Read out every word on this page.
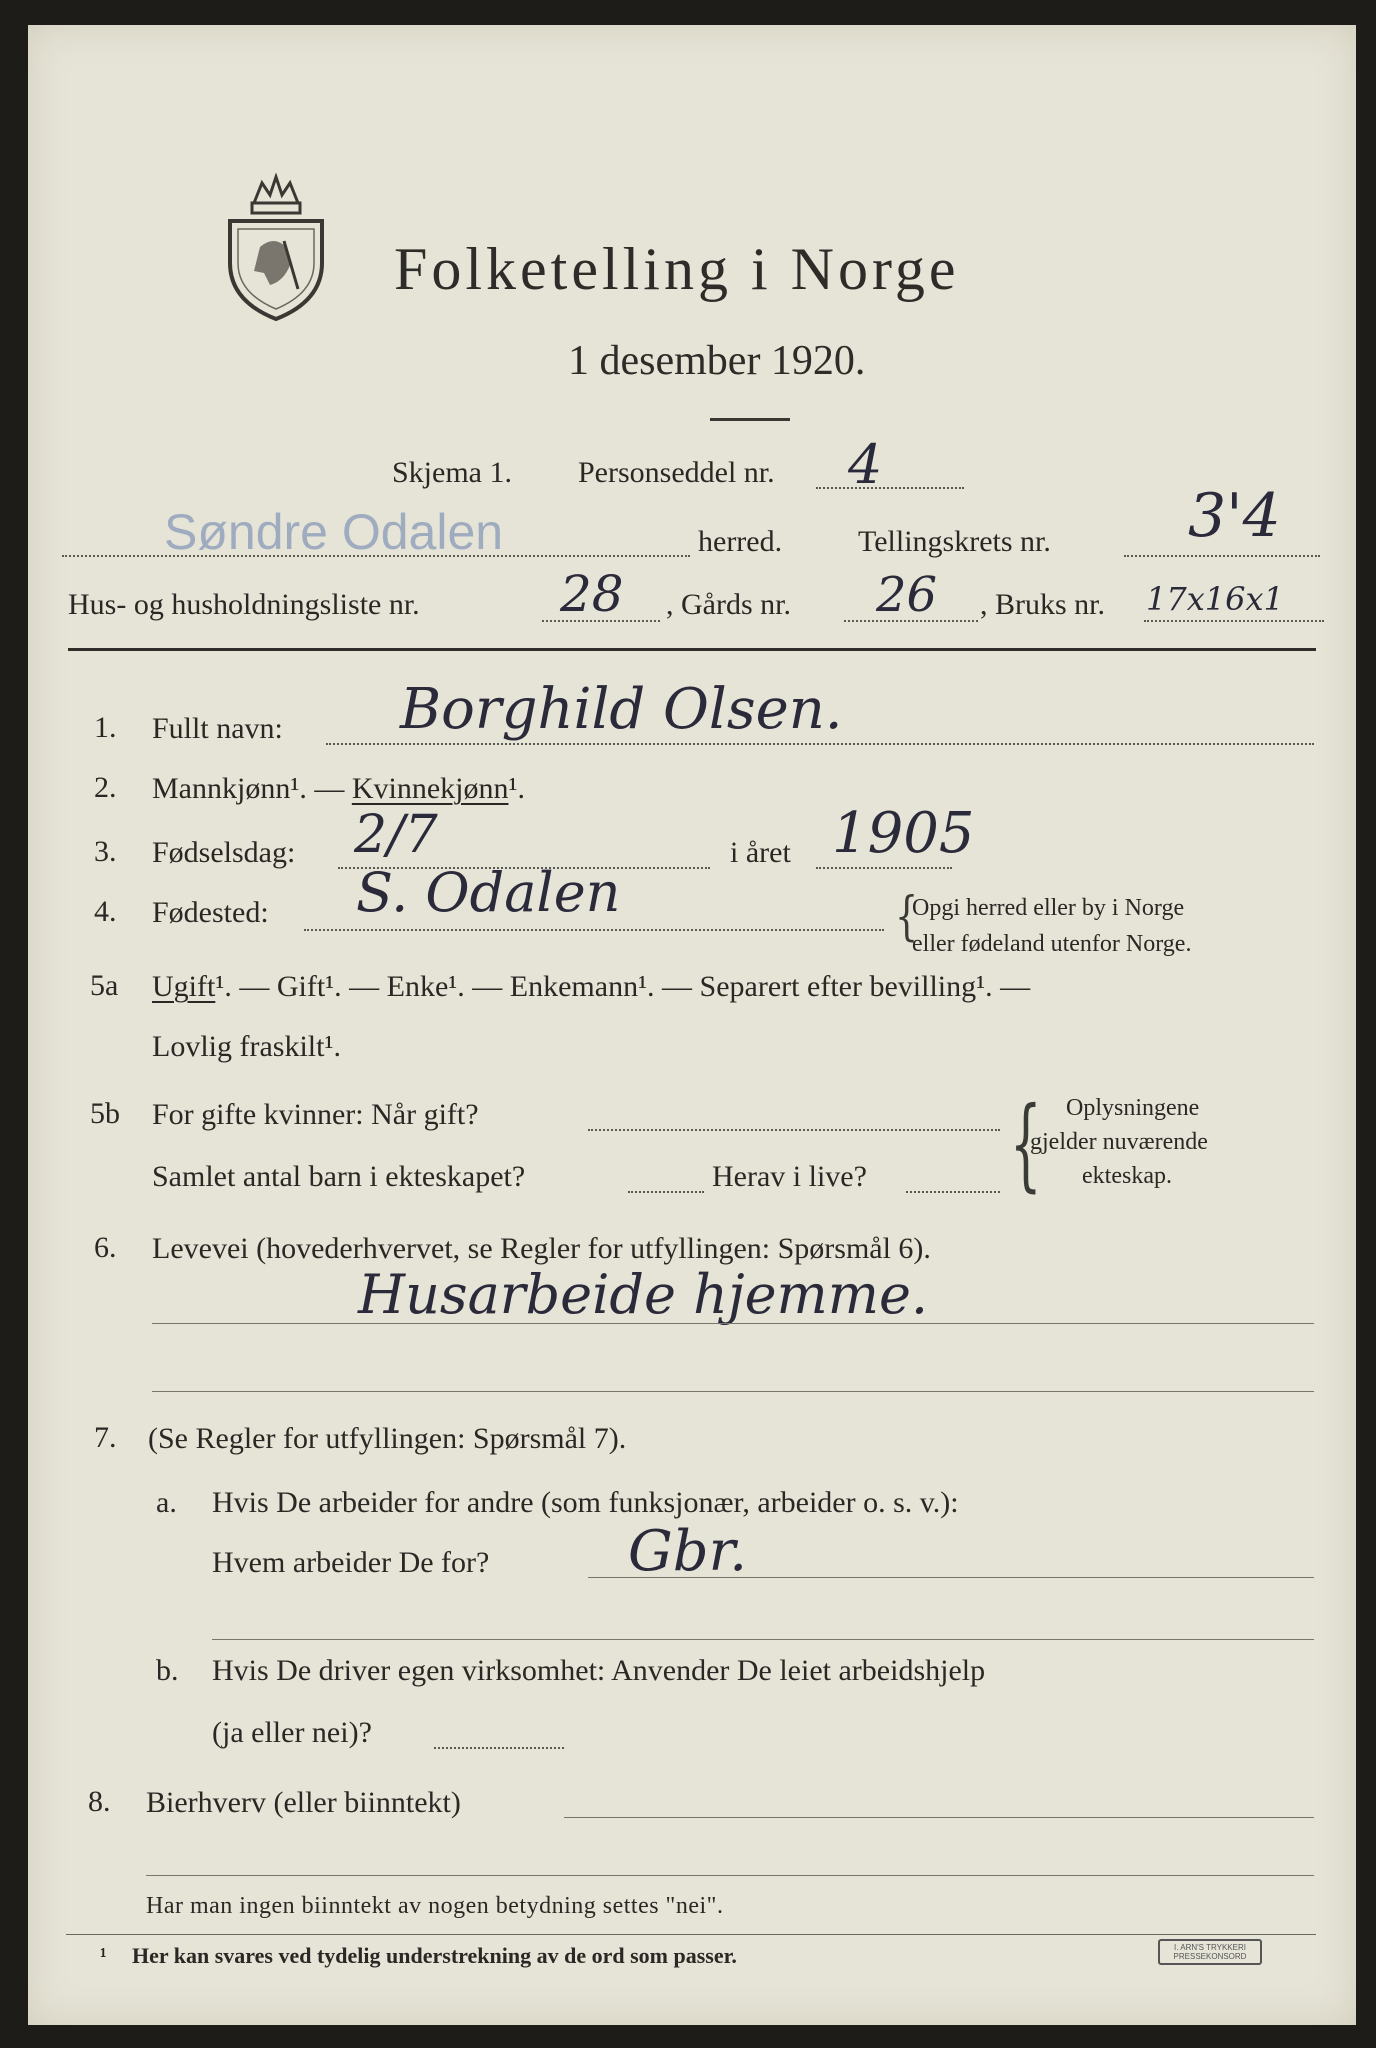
Folketelling i Norge
1 desember 1920.
Skjema 1. Personseddel nr. 4
Søndre Odalen	herred.	Tellingskrets nr. 3'4
Hus- og husholdningsliste nr.	28 , Gårds nr. 26 , Bruks nr. 17x16x1
1. Fullt navn: Borghild Olsen.
2. Mannkjønn¹. — Kvinnekjønn¹.
3. Fødselsdag: 2/7	i året 1905
4. Fødested: S. Odalen	{
Opgi herred eller by i Norge
eller fødeland utenfor Norge.
5a Ugift¹. — Gift¹. — Enke¹. — Enkemann¹. — Separert efter bevilling¹. —
Lovlig fraskilt¹.
5b For gifte kvinner: Når gift?
Samlet antal barn i ekteskapet?	Herav i live? { Oplysningene
gjelder nuværende
ekteskap.
6. Levevei (hovederhvervet, se Regler for utfyllingen: Spørsmål 6).
Husarbeide hjemme.
7. (Se Regler for utfyllingen: Spørsmål 7).
a. Hvis De arbeider for andre (som funksjonær, arbeider o. s. v.):
Hvem arbeider De for? Gbr.
b. Hvis De driver egen virksomhet: Anvender De leiet arbeidshjelp
(ja eller nei)?
8. Bierhverv (eller biinntekt)
Har man ingen biinntekt av nogen betydning settes "nei".
¹ Her kan svares ved tydelig understrekning av de ord som passer.	I. ARN'S TRYKKERI
PRESSEKONSORD
